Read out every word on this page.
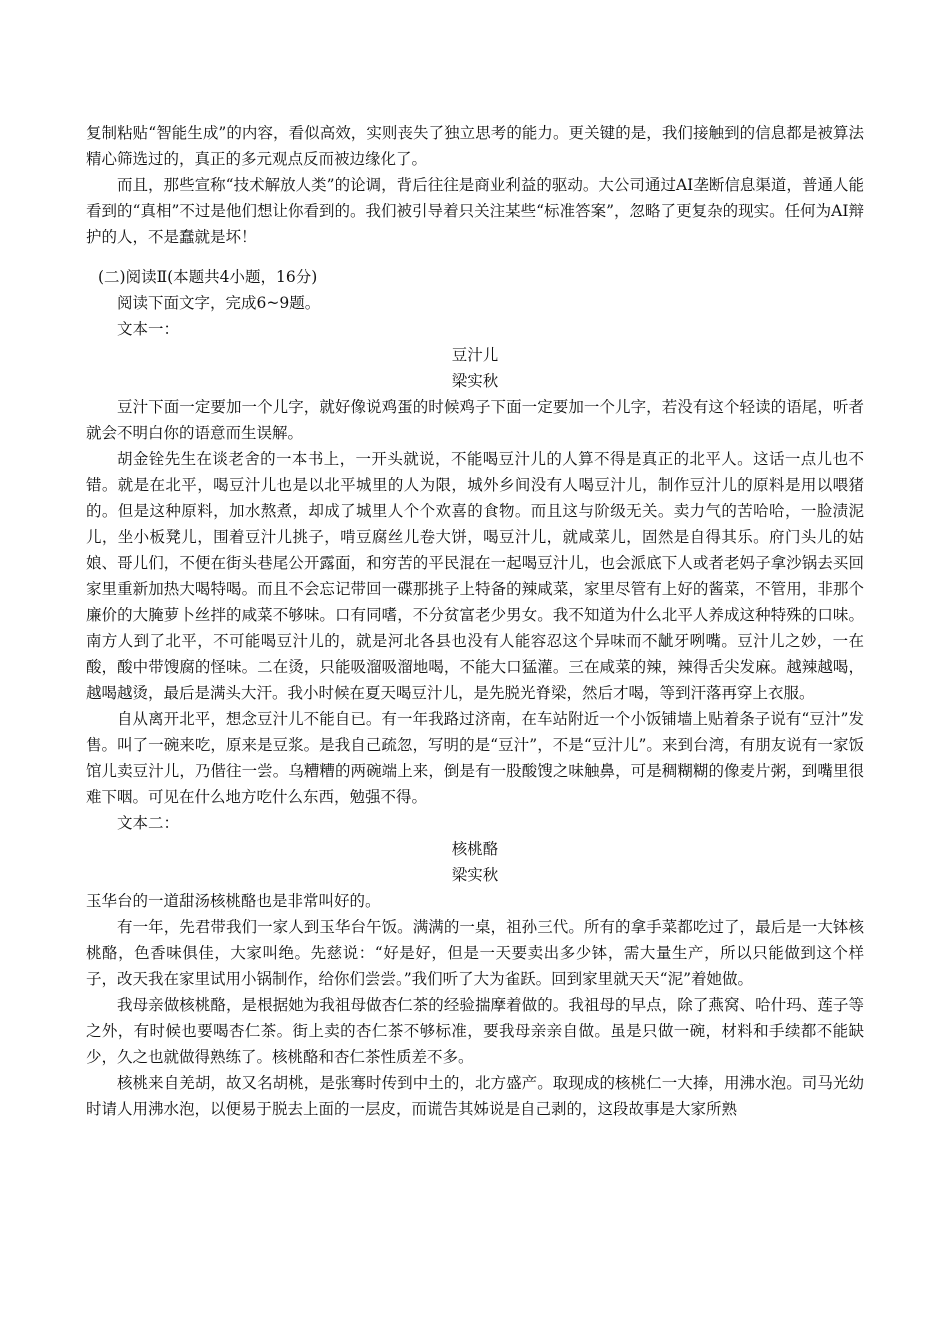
复制粘贴“智能生成”的内容，看似高效，实则丧失了独立思考的能力。更关键的是，我们接触到的信息都是被算法精心筛选过的，真正的多元观点反而被边缘化了。

而且，那些宣称“技术解放人类”的论调，背后往往是商业利益的驱动。大公司通过AI垄断信息渠道，普通人能看到的“真相”不过是他们想让你看到的。我们被引导着只关注某些“标准答案”，忽略了更复杂的现实。任何为AI辩护的人，不是蠢就是坏！

(二)阅读Ⅱ(本题共4小题，16分)

阅读下面文字，完成6~9题。

文本一：

豆汁儿

梁实秋

豆汁下面一定要加一个儿字，就好像说鸡蛋的时候鸡子下面一定要加一个儿字，若没有这个轻读的语尾，听者就会不明白你的语意而生误解。

胡金铨先生在谈老舍的一本书上，一开头就说，不能喝豆汁儿的人算不得是真正的北平人。这话一点儿也不错。就是在北平，喝豆汁儿也是以北平城里的人为限，城外乡间没有人喝豆汁儿，制作豆汁儿的原料是用以喂猪的。但是这种原料，加水熬煮，却成了城里人个个欢喜的食物。而且这与阶级无关。卖力气的苦哈哈，一脸渍泥儿，坐小板凳儿，围着豆汁儿挑子，啃豆腐丝儿卷大饼，喝豆汁儿，就咸菜儿，固然是自得其乐。府门头儿的姑娘、哥儿们，不便在街头巷尾公开露面，和穷苦的平民混在一起喝豆汁儿，也会派底下人或者老妈子拿沙锅去买回家里重新加热大喝特喝。而且不会忘记带回一碟那挑子上特备的辣咸菜，家里尽管有上好的酱菜，不管用，非那个廉价的大腌萝卜丝拌的咸菜不够味。口有同嗜，不分贫富老少男女。我不知道为什么北平人养成这种特殊的口味。南方人到了北平，不可能喝豆汁儿的，就是河北各县也没有人能容忍这个异味而不龇牙咧嘴。豆汁儿之妙，一在酸，酸中带馊腐的怪味。二在烫，只能吸溜吸溜地喝，不能大口猛灌。三在咸菜的辣，辣得舌尖发麻。越辣越喝，越喝越烫，最后是满头大汗。我小时候在夏天喝豆汁儿，是先脱光脊梁，然后才喝，等到汗落再穿上衣服。

自从离开北平，想念豆汁儿不能自已。有一年我路过济南，在车站附近一个小饭铺墙上贴着条子说有“豆汁”发售。叫了一碗来吃，原来是豆浆。是我自己疏忽，写明的是“豆汁”，不是“豆汁儿”。来到台湾，有朋友说有一家饭馆儿卖豆汁儿，乃偕往一尝。乌糟糟的两碗端上来，倒是有一股酸馊之味触鼻，可是稠糊糊的像麦片粥，到嘴里很难下咽。可见在什么地方吃什么东西，勉强不得。

文本二：

核桃酪

梁实秋

玉华台的一道甜汤核桃酪也是非常叫好的。

有一年，先君带我们一家人到玉华台午饭。满满的一桌，祖孙三代。所有的拿手菜都吃过了，最后是一大钵核桃酪，色香味俱佳，大家叫绝。先慈说：“好是好，但是一天要卖出多少钵，需大量生产，所以只能做到这个样子，改天我在家里试用小锅制作，给你们尝尝。”我们听了大为雀跃。回到家里就天天“泥”着她做。

我母亲做核桃酪，是根据她为我祖母做杏仁茶的经验揣摩着做的。我祖母的早点，除了燕窝、哈什玛、莲子等之外，有时候也要喝杏仁茶。街上卖的杏仁茶不够标准，要我母亲亲自做。虽是只做一碗，材料和手续都不能缺少，久之也就做得熟练了。核桃酪和杏仁茶性质差不多。

核桃来自羌胡，故又名胡桃，是张骞时传到中土的，北方盛产。取现成的核桃仁一大捧，用沸水泡。司马光幼时请人用沸水泡，以便易于脱去上面的一层皮，而谎告其姊说是自己剥的，这段故事是大家所熟
